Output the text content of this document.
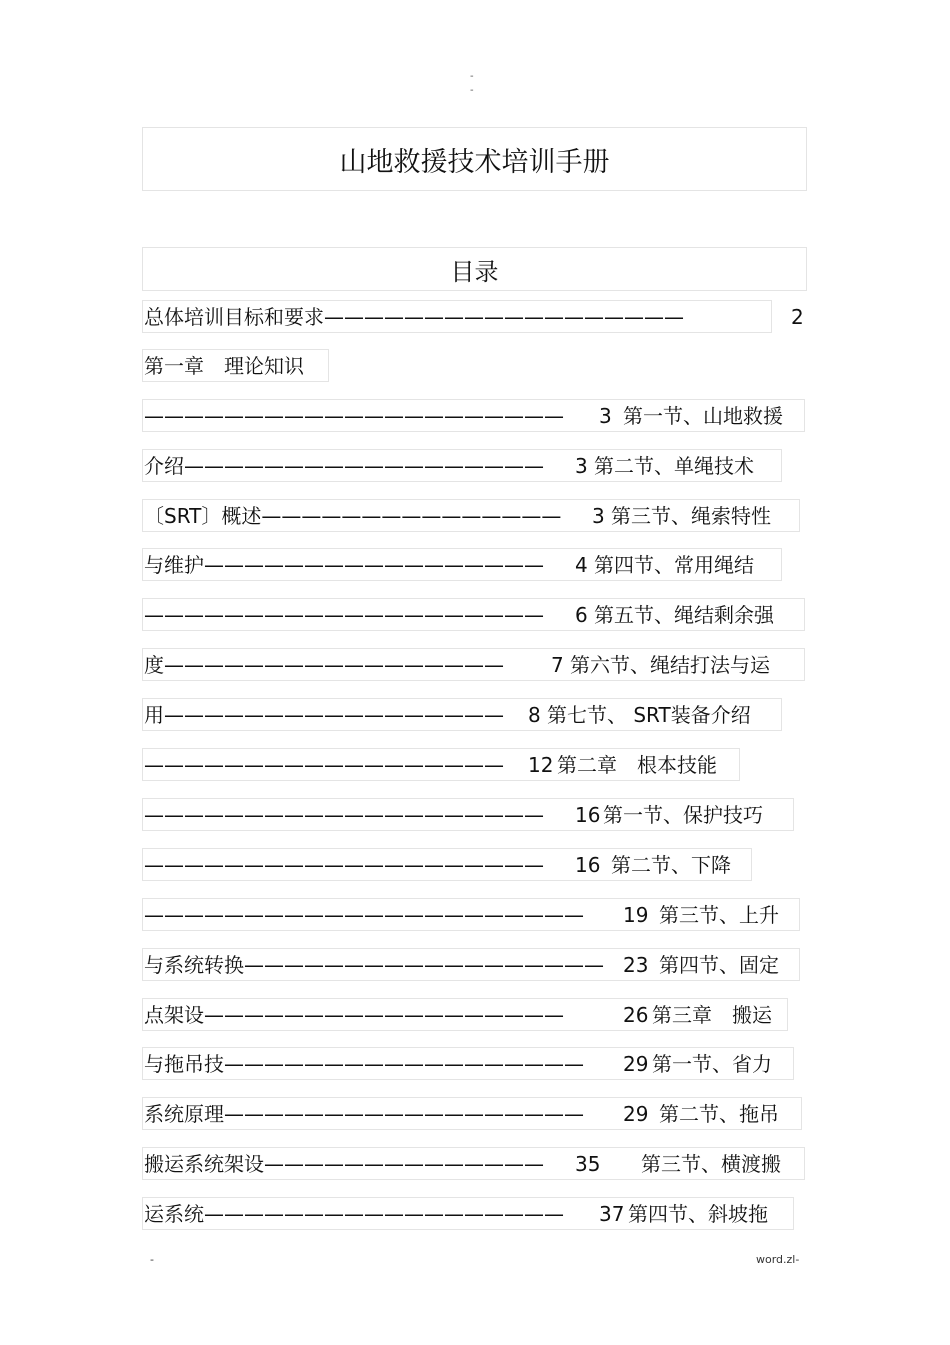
-
-
山地救援技术培训手册
目录
总体培训目标和要求——————————————————	2
第一章　理论知识
————————————————————— 3 第一节、山地救援
介绍—————————————————— 3 第二节、单绳技术
〔SRT〕概述——————————————— 3 第三节、绳索特性
与维护————————————————— 4 第四节、常用绳结
———————————————————— 6 第五节、绳结剩余强
度————————————————— 7 第六节、绳结打法与运
用————————————————— 8 第七节、 SRT装备介绍
—————————————————— 12 第二章　根本技能
———————————————————— 16 第一节、保护技巧
———————————————————— 16 第二节、下降
—————————————————————— 19 第三节、上升
与系统转换—————————————————— 23 第四节、固定
点架设——————————————————	26 第三章　搬运
与拖吊技—————————————————— 29 第一节、省力
系统原理—————————————————— 29 第二节、拖吊
搬运系统架设—————————————— 35 第三节、横渡搬
运系统—————————————————— 37 第四节、斜坡拖
-	word.zl-
